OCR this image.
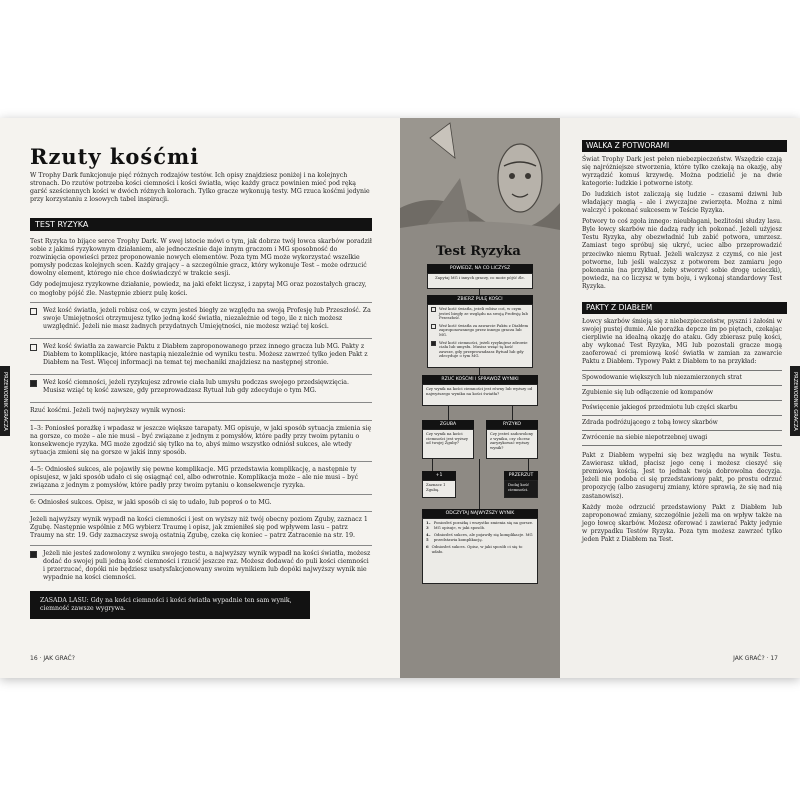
Rzuty kośćmi

W Trophy Dark funkcjonuje pięć różnych rodzajów testów. Ich opisy znajdziesz poniżej i na kolejnych stronach. Do rzutów potrzeba kości ciemności i kości światła, więc każdy gracz powinien mieć pod ręką garść sześciennych kości w dwóch różnych kolorach. Tylko gracze wykonują testy. MG rzuca kośćmi jedynie przy korzystaniu z losowych tabel inspiracji.

TEST RYZYKA

Test Ryzyka to bijące serce Trophy Dark. W swej istocie mówi o tym, jak dobrze twój łowca skarbów poradził sobie z jakimś ryzykownym działaniem, ale jednocześnie daje innym graczom i MG sposobność do rozwinięcia opowieści przez proponowanie nowych elementów. Poza tym MG może wykorzystać wszelkie pomysły podczas kolejnych scen. Każdy grający – a szczególnie gracz, który wykonuje Test – może odrzucić dowolny element, którego nie chce doświadczyć w trakcie sesji.

Gdy podejmujesz ryzykowne działanie, powiedz, na jaki efekt liczysz, i zapytaj MG oraz pozostałych graczy, co mogłoby pójść źle. Następnie zbierz pulę kości.

Weź kość światła, jeżeli robisz coś, w czym jesteś biegły ze względu na swoją Profesję lub Przeszłość. Za swoje Umiejętności otrzymujesz tylko jedną kość światła, niezależnie od tego, ile z nich możesz uwzględnić. Jeżeli nie masz żadnych przydatnych Umiejętności, nie możesz wziąć tej kości.

Weź kość światła za zawarcie Paktu z Diabłem zaproponowanego przez innego gracza lub MG. Pakty z Diabłem to komplikacje, które nastąpią niezależnie od wyniku testu. Możesz zawrzeć tylko jeden Pakt z Diabłem na Test. Więcej informacji na temat tej mechaniki znajdziesz na następnej stronie.

Weź kość ciemności, jeżeli ryzykujesz zdrowie ciała lub umysłu podczas swojego przedsięwzięcia. Musisz wziąć tę kość zawsze, gdy przeprowadzasz Rytuał lub gdy zdecyduje o tym MG.

Rzuć kośćmi. Jeżeli twój najwyższy wynik wynosi:

1–3: Poniosłeś porażkę i wpadasz w jeszcze większe tarapaty. MG opisuje, w jaki sposób sytuacja zmienia się na gorsze, co może – ale nie musi – być związane z jednym z pomysłów, które padły przy twoim pytaniu o konsekwencje ryzyka. MG może zgodzić się tylko na to, abyś mimo wszystko odniósł sukces, ale wtedy sytuacja zmieni się na gorsze w jakiś inny sposób.

4–5: Odniosłeś sukces, ale pojawiły się pewne komplikacje. MG przedstawia komplikację, a następnie ty opisujesz, w jaki sposób udało ci się osiągnąć cel, albo odwrotnie. Komplikacja może – ale nie musi – być związana z jednym z pomysłów, które padły przy twoim pytaniu o konsekwencje ryzyka.

6: Odniosłeś sukces. Opisz, w jaki sposób ci się to udało, lub poproś o to MG.

Jeżeli najwyższy wynik wypadł na kości ciemności i jest on wyższy niż twój obecny poziom Zguby, zaznacz 1 Zgubę. Następnie wspólnie z MG wybierz Traumę i opisz, jak zmieniłeś się pod wpływem lasu – patrz Traumy na str. 19. Gdy zaznaczysz swoją ostatnią Zgubę, czeka cię koniec – patrz Zatracenie na str. 19.

Jeżeli nie jesteś zadowolony z wyniku swojego testu, a najwyższy wynik wypadł na kości światła, możesz dodać do swojej puli jedną kość ciemności i rzucić jeszcze raz. Możesz dodawać do puli kości ciemności i przerzucać, dopóki nie będziesz usatysfakcjonowany swoim wynikiem lub dopóki najwyższy wynik nie wypadnie na kości ciemności.

ZASADA LASU: Gdy na kości ciemności i kości światła wypadnie ten sam wynik, ciemność zawsze wygrywa.
16 · JAK GRAĆ?
PRZEWODNIK GRACZA
Test Ryzyka
POWIEDZ, NA CO LICZYSZ
Zapytaj MG i innych graczy, co może pójść źle.
ZBIERZ PULĘ KOŚCI
Weź kość światła, jeżeli robisz coś, w czym jesteś biegły ze względu na swoją Profesję lub Przeszłość.
Weź kość światła za zawarcie Paktu z Diabłem zaproponowanego przez innego gracza lub MG.
Weź kość ciemności, jeżeli ryzykujesz zdrowie ciała lub umysłu. Musisz wziąć tę kość zawsze, gdy przeprowadzasz Rytuał lub gdy zdecyduje o tym MG.
RZUĆ KOŚĆMI I SPRAWDŹ WYNIKI
Czy wynik na kości ciemności jest równy lub wyższy od najwyższego wyniku na kości światła?
ZGUBA
Czy wynik na kości ciemności jest wyższy od twojej Zguby?
RYZYKO
Czy jesteś zadowolony z wyniku, czy chcesz zaryzykować wyższy wynik?
+1
Zaznacz 1 Zgubę.
PRZERZUT
Dodaj kość ciemności.
ODCZYTAJ NAJWYŻSZY WYNIK
1–3
Poniosłeś porażkę i wszystko zmienia się na gorsze. MG opisuje, w jaki sposób.
4–5
Odniosłeś sukces, ale pojawiły się komplikacje. MG przedstawia komplikację.
6 Odniosłeś sukces. Opisz, w jaki sposób ci się to udało.
WALKA Z POTWORAMI

Świat Trophy Dark jest pełen niebezpieczeństw. Wszędzie czają się najróżniejsze stworzenia, które tylko czekają na okazję, aby wyrządzić komuś krzywdę. Można podzielić je na dwie kategorie: ludzkie i potworne istoty.

Do ludzkich istot zaliczają się ludzie – czasami dziwni lub władający magią – ale i zwyczajne zwierzęta. Można z nimi walczyć i pokonać sukcesem w Teście Ryzyka.

Potwory to coś zgoła innego: nieubłagani, bezlitośni słudzy lasu. Byle łowcy skarbów nie dadzą rady ich pokonać. Jeżeli użyjesz Testu Ryzyka, aby obezwładnić lub zabić potwora, umrzesz. Zamiast tego spróbuj się ukryć, uciec albo przeprowadzić przeciwko niemu Rytuał. Jeżeli walczysz z czymś, co nie jest potworne, lub jeśli walczysz z potworem bez zamiaru jego pokonania (na przykład, żeby stworzyć sobie drogę ucieczki), powiedz, na co liczysz w tym boju, i wykonaj standardowy Test Ryzyka.

PAKTY Z DIABŁEM

Łowcy skarbów śmieją się z niebezpieczeństw, pyszni i żałośni w swojej pustej dumie. Ale porażka depcze im po piętach, czekając cierpliwie na idealną okazję do ataku. Gdy zbierasz pulę kości, aby wykonać Test Ryzyka, MG lub pozostali gracze mogą zaoferować ci premiową kość światła w zamian za zawarcie Paktu z Diabłem. Typowy Pakt z Diabłem to na przykład:

Spowodowanie większych lub niezamierzonych strat
Zgubienie się lub odłączenie od kompanów
Poświęcenie jakiegoś przedmiotu lub części skarbu
Zdrada podróżującego z tobą łowcy skarbów
Zwrócenie na siebie niepotrzebnej uwagi

Pakt z Diabłem wypełni się bez względu na wynik Testu. Zawierasz układ, płacisz jego cenę i możesz cieszyć się premiową kością. Jest to jednak twoja dobrowolna decyzja. Jeżeli nie podoba ci się przedstawiony pakt, po prostu odrzuć propozycję (albo zasugeruj zmiany, które sprawią, że się nad nią zastanowisz).

Każdy może odrzucić przedstawiony Pakt z Diabłem lub zaproponować zmiany, szczególnie jeżeli ma on wpływ także na jego łowcę skarbów. Możesz oferować i zawierać Pakty jedynie w przypadku Testów Ryzyka. Poza tym możesz zawrzeć tylko jeden Pakt z Diabłem na Test.

JAK GRAĆ? · 17
PRZEWODNIK GRACZA
